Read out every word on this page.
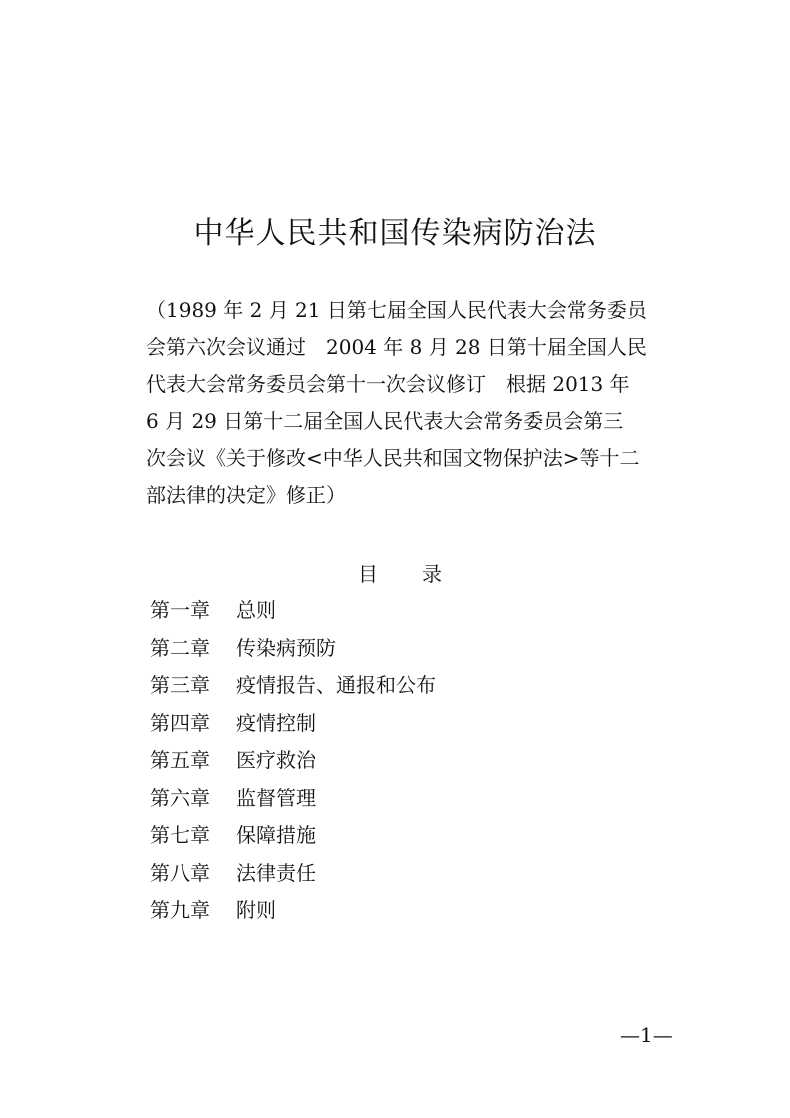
中华人民共和国传染病防治法
（1989 年 2 月 21 日第七届全国人民代表大会常务委员
会第六次会议通过　2004 年 8 月 28 日第十届全国人民
代表大会常务委员会第十一次会议修订　根据 2013 年
6 月 29 日第十二届全国人民代表大会常务委员会第三
次会议《关于修改<中华人民共和国文物保护法>等十二
部法律的决定》修正）
目 录
第一章 总则
第二章 传染病预防
第三章 疫情报告、通报和公布
第四章 疫情控制
第五章 医疗救治
第六章 监督管理
第七章 保障措施
第八章 法律责任
第九章 附则
—1—
